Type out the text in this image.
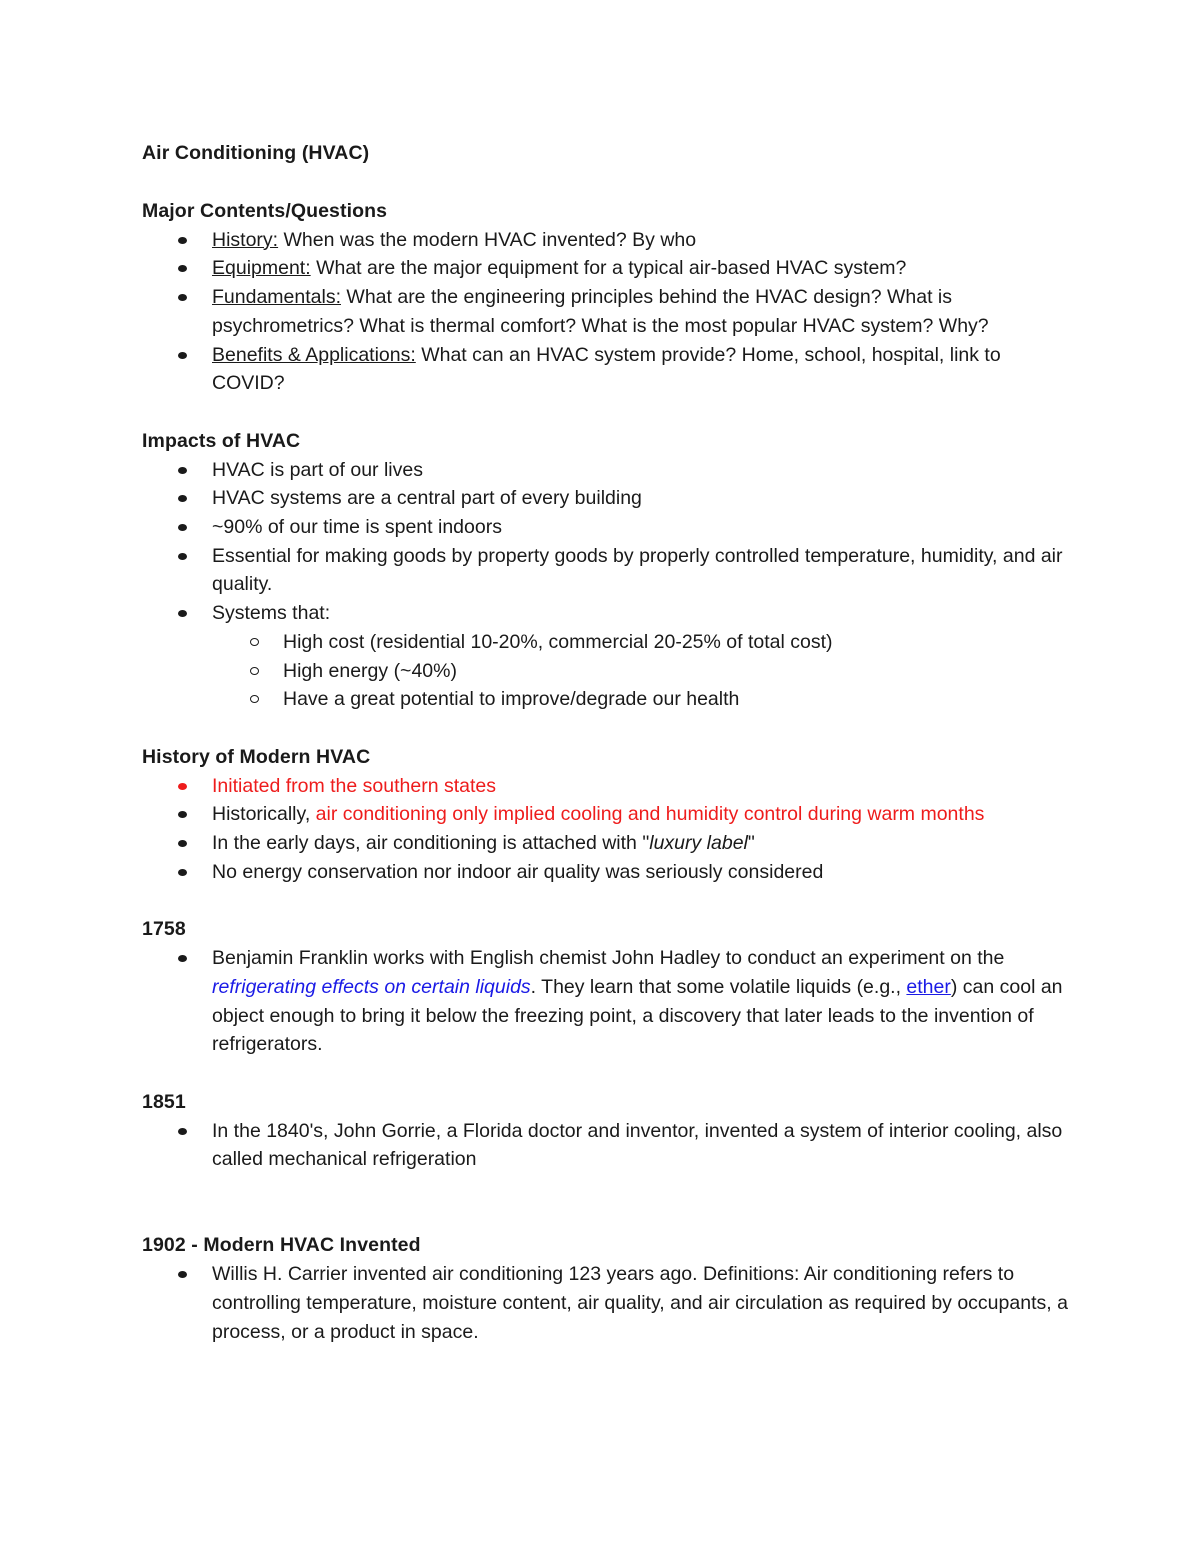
Air Conditioning (HVAC)

Major Contents/Questions

History: When was the modern HVAC invented? By who
Equipment: What are the major equipment for a typical air-based HVAC system?
Fundamentals: What are the engineering principles behind the HVAC design? What is psychrometrics? What is thermal comfort? What is the most popular HVAC system? Why?
Benefits & Applications: What can an HVAC system provide? Home, school, hospital, link to COVID?

Impacts of HVAC

HVAC is part of our lives
HVAC systems are a central part of every building
~90% of our time is spent indoors
Essential for making goods by property goods by properly controlled temperature, humidity, and air quality.
Systems that:
High cost (residential 10-20%, commercial 20-25% of total cost)
High energy (~40%)
Have a great potential to improve/degrade our health

History of Modern HVAC

Initiated from the southern states
Historically, air conditioning only implied cooling and humidity control during warm months
In the early days, air conditioning is attached with "luxury label"
No energy conservation nor indoor air quality was seriously considered

1758

Benjamin Franklin works with English chemist John Hadley to conduct an experiment on the refrigerating effects on certain liquids. They learn that some volatile liquids (e.g., ether) can cool an object enough to bring it below the freezing point, a discovery that later leads to the invention of refrigerators.

1851

In the 1840's, John Gorrie, a Florida doctor and inventor, invented a system of interior cooling, also called mechanical refrigeration

1902 - Modern HVAC Invented

Willis H. Carrier invented air conditioning 123 years ago. Definitions: Air conditioning refers to controlling temperature, moisture content, air quality, and air circulation as required by occupants, a process, or a product in space.
